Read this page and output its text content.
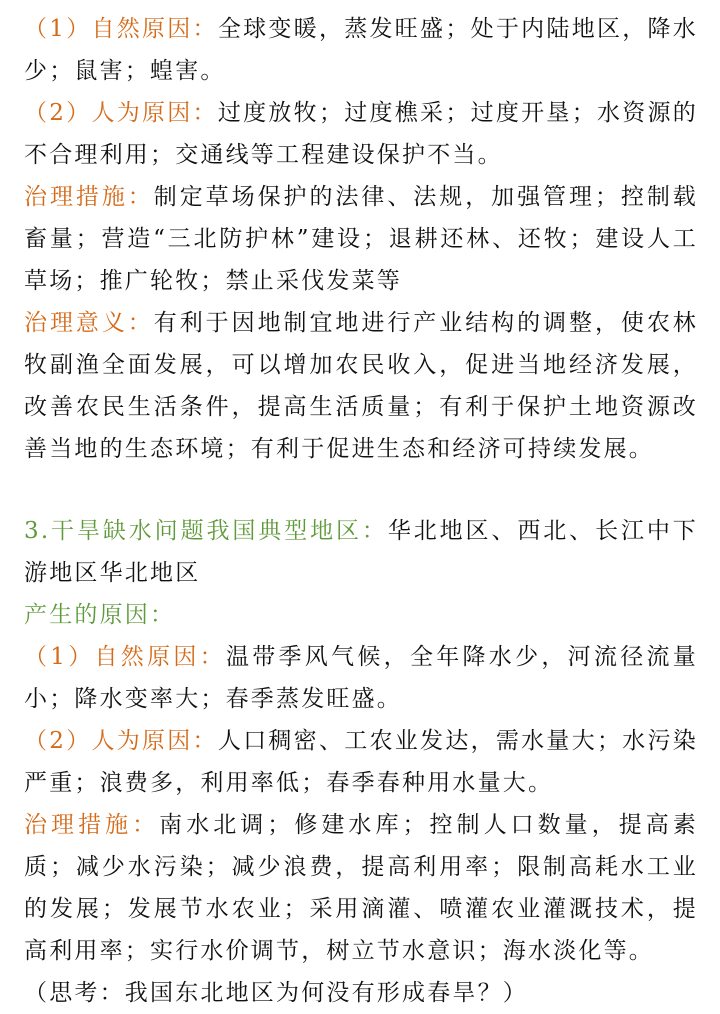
（1）自然原因：全球变暖，蒸发旺盛；处于内陆地区，降水少；鼠害；蝗害。

（2）人为原因：过度放牧；过度樵采；过度开垦；水资源的不合理利用；交通线等工程建设保护不当。

治理措施：制定草场保护的法律、法规，加强管理；控制载畜量；营造“三北防护林”建设；退耕还林、还牧；建设人工草场；推广轮牧；禁止采伐发菜等

治理意义：有利于因地制宜地进行产业结构的调整，使农林牧副渔全面发展，可以增加农民收入，促进当地经济发展，改善农民生活条件，提高生活质量；有利于保护土地资源改善当地的生态环境；有利于促进生态和经济可持续发展。

3.干旱缺水问题我国典型地区：华北地区、西北、长江中下游地区华北地区

产生的原因：

（1）自然原因：温带季风气候，全年降水少，河流径流量小；降水变率大；春季蒸发旺盛。

（2）人为原因：人口稠密、工农业发达，需水量大；水污染严重；浪费多，利用率低；春季春种用水量大。

治理措施：南水北调；修建水库；控制人口数量，提高素质；减少水污染；减少浪费，提高利用率；限制高耗水工业的发展；发展节水农业；采用滴灌、喷灌农业灌溉技术，提高利用率；实行水价调节，树立节水意识；海水淡化等。

（思考：我国东北地区为何没有形成春旱？）
